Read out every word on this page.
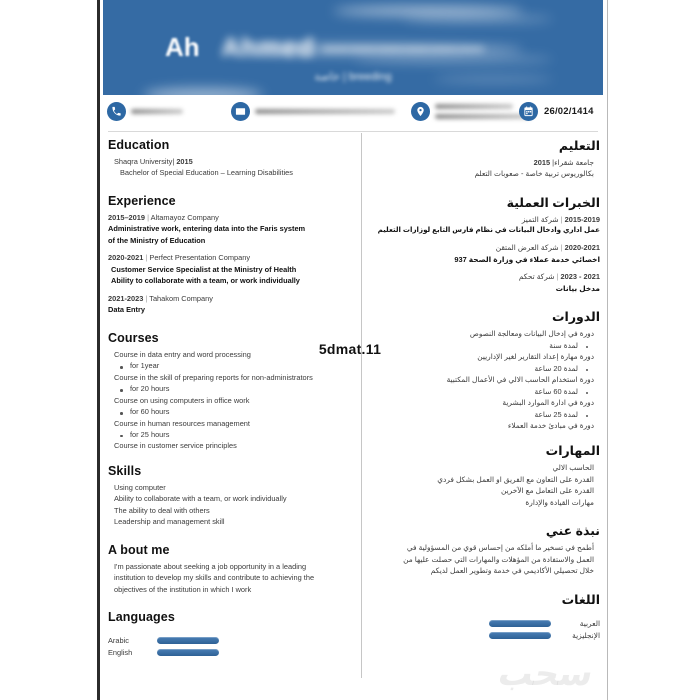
Ahmed ——————
Ah
breeding | خاصة
26/02/1414
Education

Shaqra University| 2015

Bachelor of Special Education – Learning Disabilities

Experience

2015–2019 | Altamayoz Company

Administrative work, entering data into the Faris system

of the Ministry of Education

2020-2021 | Perfect Presentation Company

Customer Service Specialist at the Ministry of Health

Ability to collaborate with a team, or work individually

2021-2023 | Tahakom Company

Data Entry

Courses

Course in data entry and word processing

for 1year

Course in the skill of preparing reports for non-administrators

for 20 hours

Course on using computers in office work

for 60 hours

Course in human resources management

for 25 hours

Course in customer service principles

Skills

Using computer

Ability to collaborate with a team, or work individually

The ability to deal with others

Leadership and management skill

A bout me

I'm passionate about seeking a job opportunity in a leading

institution to develop my skills and contribute to achieving the

objectives of the institution in which I work

Languages
Arabic
English
التعليم

جامعة شقراء| 2015

بكالوريوس تربية خاصة - صعوبات التعلم

الخبرات العملية

2015-2019 | شركة التميز

عمل اداري وادخال البيانات في نظام فارس التابع لوزارات التعليم

2020-2021 | شركة العرض المتقن

اخصائي خدمة عملاء في وزارة الصحة 937

2021 - 2023 | شركة تحكم

مدخل بيانات

الدورات

دورة في إدخال البيانات ومعالجة النصوص

لمدة سنة

دورة مهارة إعداد التقارير لغير الإداريين

لمدة 20 ساعة

دورة استخدام الحاسب الالي في الأعمال المكتبية

لمدة 60 ساعة

دورة في ادارة الموارد البشرية

لمدة 25 ساعة

دورة في مبادئ خدمة العملاء

المهارات

الحاسب الالي

القدرة على التعاون مع الفريق او العمل بشكل فردي

القدرة على التعامل مع الآخرين

مهارات القيادة والإدارة

نبذة عني

أطمح في تسخير ما أملكه من إحساس قوي من المسؤولية في

العمل والاستفادة من المؤهلات والمهارات التي حصلت عليها من

خلال تحصيلي الأكاديمي في خدمة وتطوير العمل لديكم

اللغات
العربية
الإنجليزية
سحب
5dmat.11
